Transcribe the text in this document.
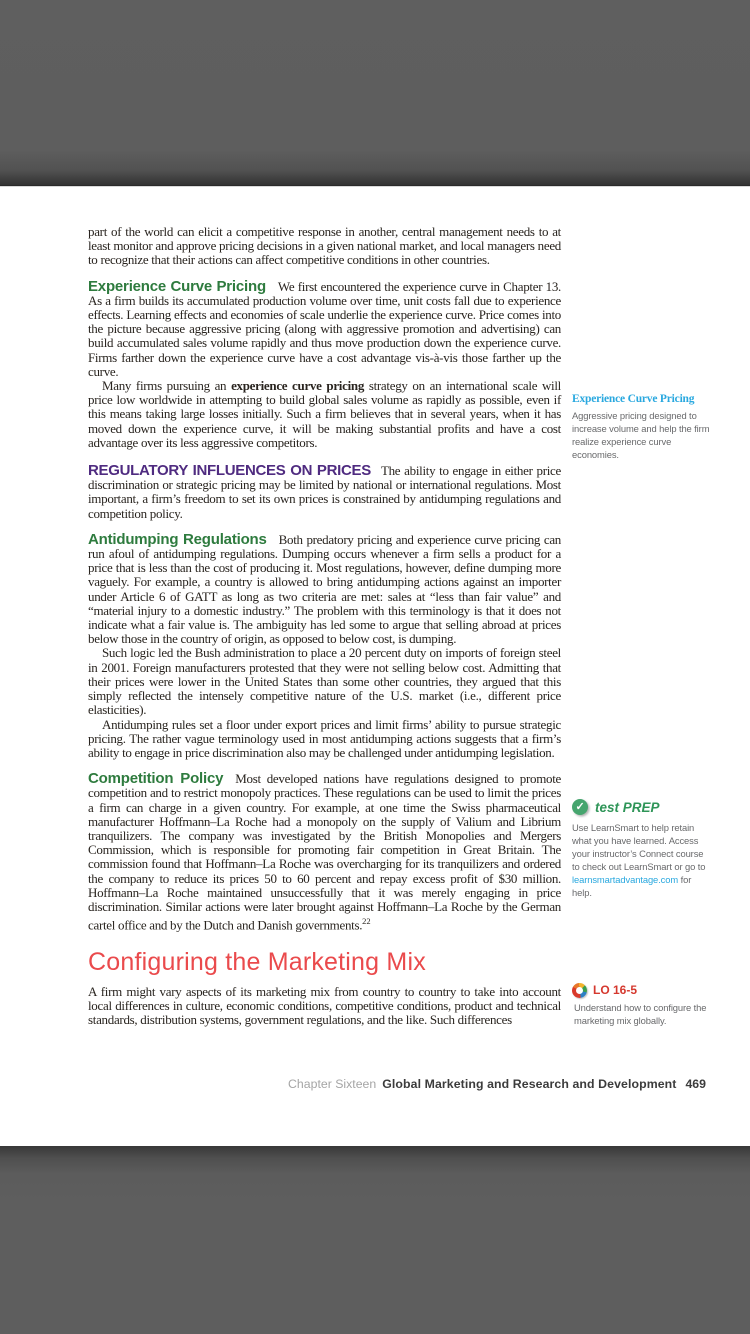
part of the world can elicit a competitive response in another, central management needs to at least monitor and approve pricing decisions in a given national market, and local managers need to recognize that their actions can affect competitive conditions in other countries.

Experience Curve Pricing We first encountered the experience curve in Chapter 13. As a firm builds its accumulated production volume over time, unit costs fall due to experience effects. Learning effects and economies of scale underlie the experience curve. Price comes into the picture because aggressive pricing (along with aggressive promotion and advertising) can build accumulated sales volume rapidly and thus move production down the experience curve. Firms farther down the experience curve have a cost advantage vis-à-vis those farther up the curve.

Many firms pursuing an experience curve pricing strategy on an international scale will price low worldwide in attempting to build global sales volume as rapidly as possible, even if this means taking large losses initially. Such a firm believes that in several years, when it has moved down the experience curve, it will be making substantial profits and have a cost advantage over its less aggressive competitors.

REGULATORY INFLUENCES ON PRICES The ability to engage in either price discrimination or strategic pricing may be limited by national or international regulations. Most important, a firm’s freedom to set its own prices is constrained by antidumping regulations and competition policy.

Antidumping Regulations Both predatory pricing and experience curve pricing can run afoul of antidumping regulations. Dumping occurs whenever a firm sells a product for a price that is less than the cost of producing it. Most regulations, however, define dumping more vaguely. For example, a country is allowed to bring antidumping actions against an importer under Article 6 of GATT as long as two criteria are met: sales at “less than fair value” and “material injury to a domestic industry.” The problem with this terminology is that it does not indicate what a fair value is. The ambiguity has led some to argue that selling abroad at prices below those in the country of origin, as opposed to below cost, is dumping.

Such logic led the Bush administration to place a 20 percent duty on imports of foreign steel in 2001. Foreign manufacturers protested that they were not selling below cost. Admitting that their prices were lower in the United States than some other countries, they argued that this simply reflected the intensely competitive nature of the U.S. market (i.e., different price elasticities).

Antidumping rules set a floor under export prices and limit firms’ ability to pursue strategic pricing. The rather vague terminology used in most antidumping actions suggests that a firm’s ability to engage in price discrimination also may be challenged under antidumping legislation.

Competition Policy Most developed nations have regulations designed to promote competition and to restrict monopoly practices. These regulations can be used to limit the prices a firm can charge in a given country. For example, at one time the Swiss pharmaceutical manufacturer Hoffmann–La Roche had a monopoly on the supply of Valium and Librium tranquilizers. The company was investigated by the British Monopolies and Mergers Commission, which is responsible for promoting fair competition in Great Britain. The commission found that Hoffmann–La Roche was overcharging for its tranquilizers and ordered the company to reduce its prices 50 to 60 percent and repay excess profit of $30 million. Hoffmann–La Roche maintained unsuccessfully that it was merely engaging in price discrimination. Similar actions were later brought against Hoffmann–La Roche by the German cartel office and by the Dutch and Danish governments.$^{22}$

Configuring the Marketing Mix

A firm might vary aspects of its marketing mix from country to country to take into account local differences in culture, economic conditions, competitive conditions, product and technical standards, distribution systems, government regulations, and the like. Such differences

Experience Curve Pricing
Aggressive pricing designed to increase volume and help the firm realize experience curve economies.
✓ test PREP
Use LearnSmart to help retain what you have learned. Access your instructor’s Connect course to check out LearnSmart or go to learnsmartadvantage.com for help.
LO 16-5
Understand how to configure the marketing mix globally.
Chapter Sixteen Global Marketing and Research and Development 469
